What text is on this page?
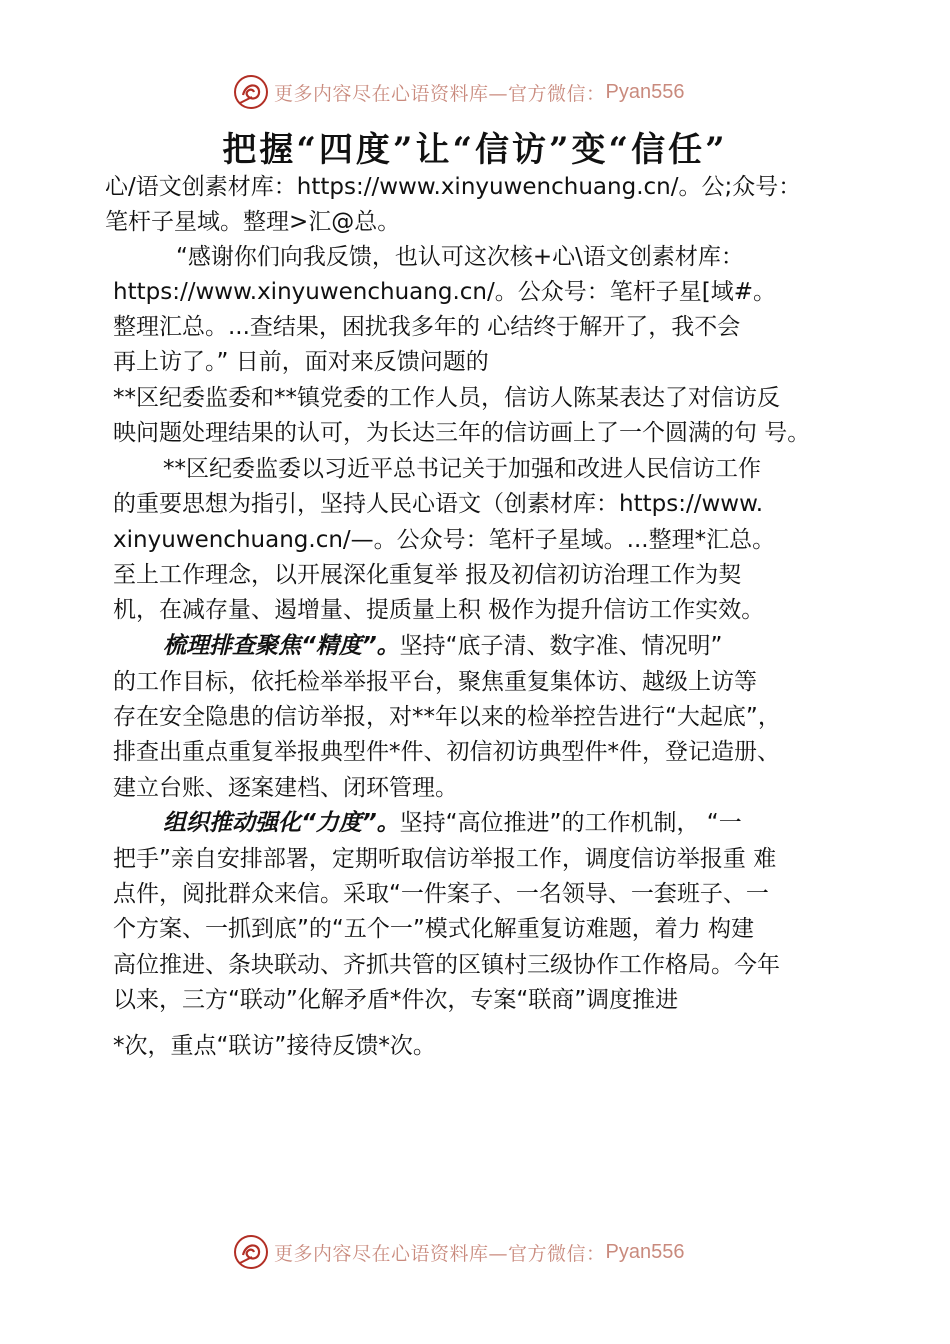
更多内容尽在心语资料库—官方微信： Pyan556
把握“四度”让“信访”变“信任”
心/语文创素材库：https://www.xinyuwenchuang.cn/。公;众号：
笔杆子星域。整理>汇@总。
“感谢你们向我反馈，也认可这次核+心\语文创素材库：
https://www.xinyuwenchuang.cn/。公众号：笔杆子星[域#。
整理汇总。...查结果，困扰我多年的 心结终于解开了，我不会
再上访了。” 日前，面对来反馈问题的
**区纪委监委和**镇党委的工作人员，信访人陈某表达了对信访反
映问题处理结果的认可，为长达三年的信访画上了一个圆满的句 号。
**区纪委监委以习近平总书记关于加强和改进人民信访工作
的重要思想为指引，坚持人民心语文（创素材库：https://www.
xinyuwenchuang.cn/—。公众号：笔杆子星域。...整理*汇总。
至上工作理念，以开展深化重复举 报及初信初访治理工作为契
机，在减存量、遏增量、提质量上积 极作为提升信访工作实效。
梳理排查聚焦“精度”。坚持“底子清、数字准、情况明”
的工作目标，依托检举举报平台，聚焦重复集体访、越级上访等
存在安全隐患的信访举报，对**年以来的检举控告进行“大起底”，
排查出重点重复举报典型件*件、初信初访典型件*件，登记造册、
建立台账、逐案建档、闭环管理。
组织推动强化“力度”。坚持“高位推进”的工作机制， “一
把手”亲自安排部署，定期听取信访举报工作，调度信访举报重 难
点件，阅批群众来信。采取“一件案子、一名领导、一套班子、一
个方案、一抓到底”的“五个一”模式化解重复访难题，着力 构建
高位推进、条块联动、齐抓共管的区镇村三级协作工作格局。今年
以来，三方“联动”化解矛盾*件次，专案“联商”调度推进
*次，重点“联访”接待反馈*次。
更多内容尽在心语资料库—官方微信： Pyan556
